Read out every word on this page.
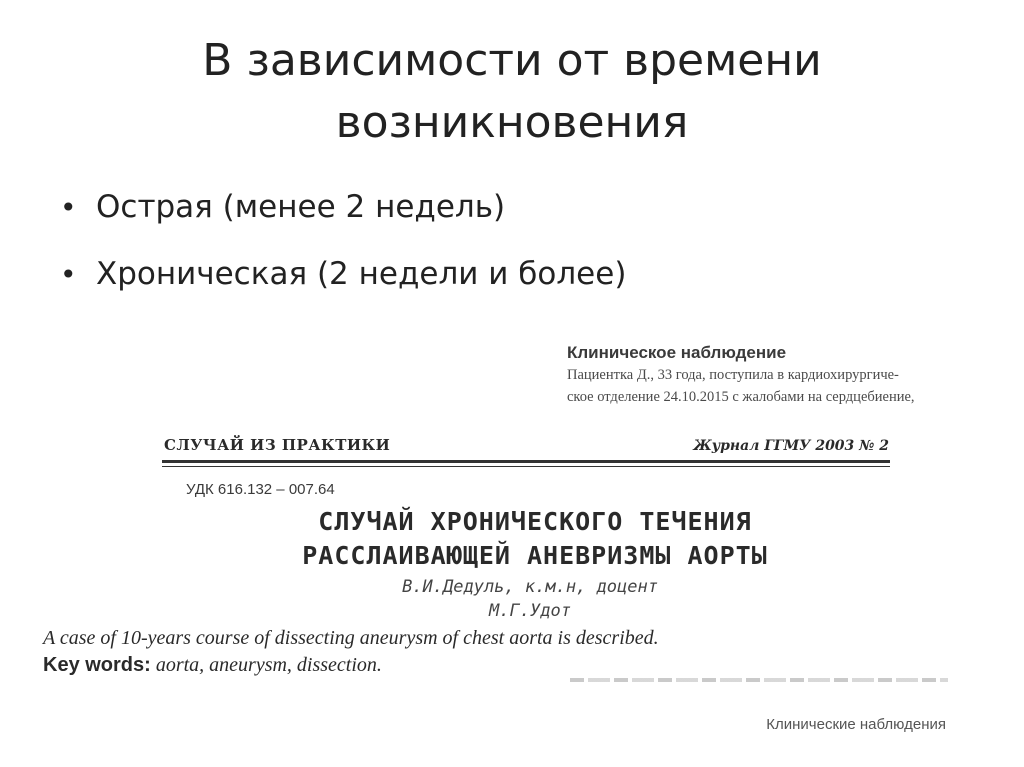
В зависимости от времени
возникновения
• Острая (менее 2 недель)
• Хроническая (2 недели и более)
Клиническое наблюдение
Пациентка Д., 33 года, поступила в кардиохирургиче-
ское отделение 24.10.2015 с жалобами на сердцебиение,
СЛУЧАЙ ИЗ ПРАКТИКИ	Журнал ГГМУ 2003 № 2
УДК 616.132 – 007.64
СЛУЧАЙ ХРОНИЧЕСКОГО ТЕЧЕНИЯ
РАССЛАИВАЮЩЕЙ АНЕВРИЗМЫ АОРТЫ
В.И.Дедуль, к.м.н, доцент
М.Г.Удот
A case of 10-years course of dissecting aneurysm of chest aorta is described.
Key words: aorta, aneurysm, dissection.
Клинические наблюдения
